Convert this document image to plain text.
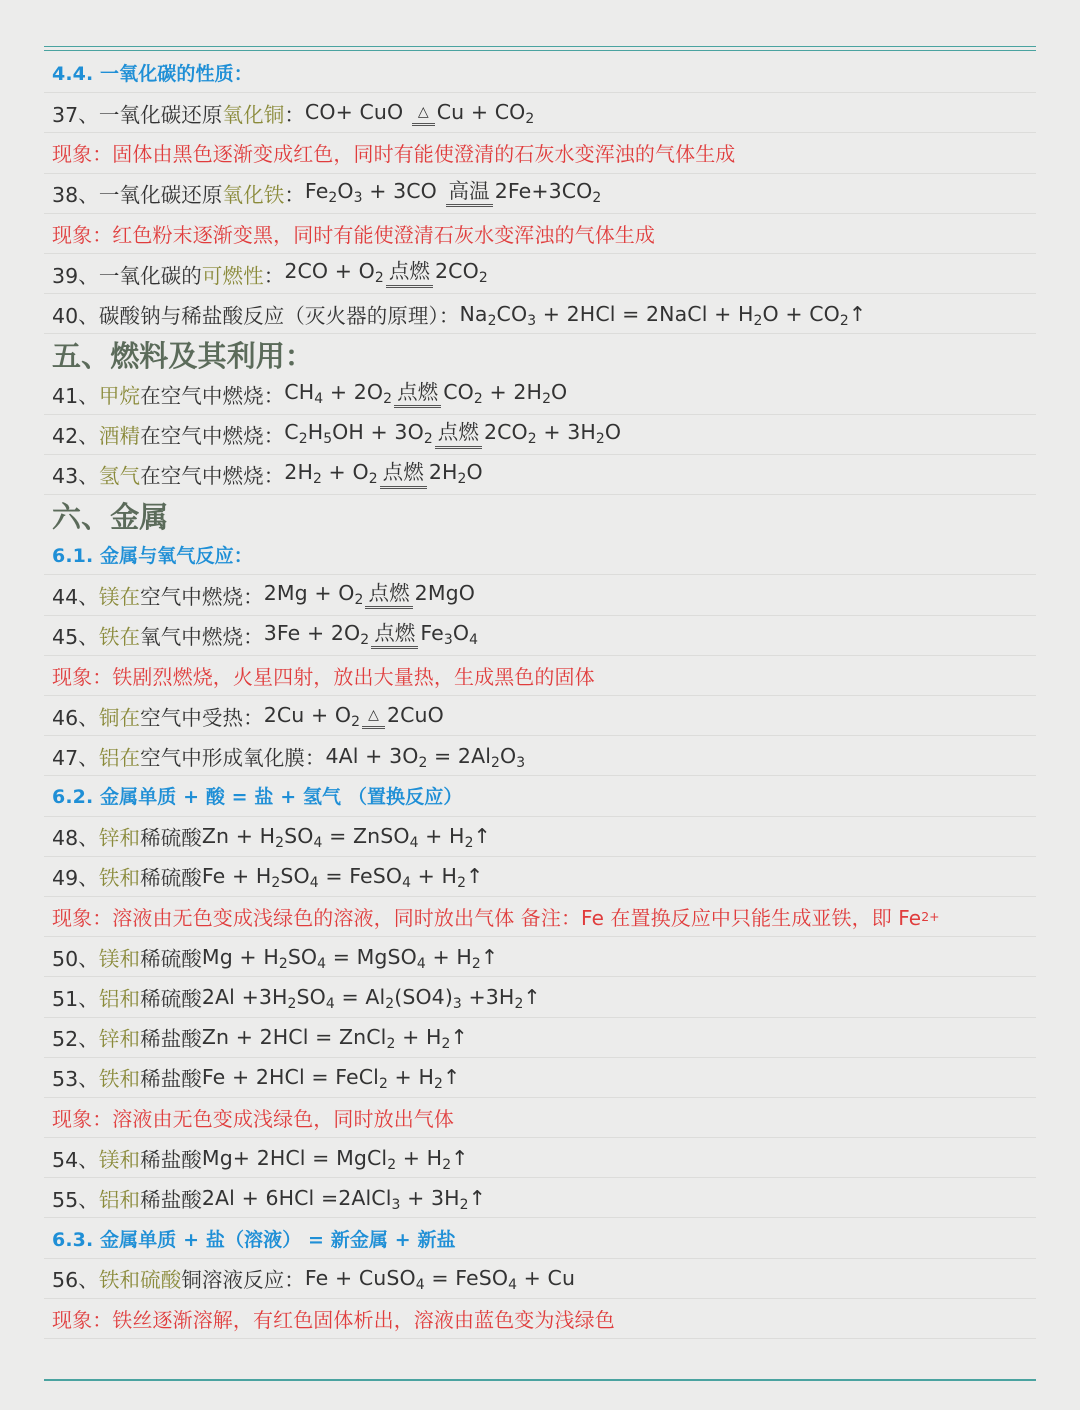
4.4. 一氧化碳的性质：
37、 一氧化碳还原 氧化铜 ： CO+ CuO △ $Cu + CO_2$
现象：固体由黑色逐渐变成红色，同时有能使澄清的石灰水变浑浊的气体生成
38、 一氧化碳还原 氧化铁 ： $Fe_2O_3 + 3CO$ 高温 $2Fe+3CO_2$
现象：红色粉末逐渐变黑，同时有能使澄清石灰水变浑浊的气体生成
39、 一氧化碳的 可燃性 ： $2CO + O_2$ 点燃 $2CO_2$
40、 碳酸钠与稀盐酸反应（灭火器的原理）： $Na_2CO_3 + 2HCl$ = 2NaCl + $H_2O$ + $CO_2↑$
五、燃料及其利用：
41、 甲烷 在空气中燃烧： $CH_4 + 2O_2$ 点燃 $CO_2 + 2H_2O$
42、 酒精 在空气中燃烧： $C_2H_5OH + 3O_2$ 点燃 $2CO_2 + 3H_2O$
43、 氢气 在空气中燃烧： $2H_2 + O_2$ 点燃 $2H_2O$
六、金属
6.1. 金属与氧气反应：
44、 镁在 空气中燃烧： $2Mg + O_2$ 点燃 2MgO
45、 铁在 氧气中燃烧： $3Fe + 2O_2$ 点燃 $Fe_3O_4$
现象：铁剧烈燃烧，火星四射，放出大量热，生成黑色的固体
46、 铜在 空气中受热： $2Cu + O_2$ △ 2CuO
47、 铝在 空气中形成氧化膜： $4Al + 3O_2 = 2Al_2O_3$
6.2. 金属单质 + 酸 = 盐 + 氢气 （置换反应）
48、 锌和 稀硫酸 $Zn + H_2SO_4$ = ZnSO$_4$ + $H_2↑$
49、 铁和 稀硫酸 $Fe + H_2SO_4$ = FeSO$_4$ + $H_2↑$
现象：溶液由无色变成浅绿色的溶液，同时放出气体 备注：Fe 在置换反应中只能生成亚铁，即 Fe 2+
50、 镁和 稀硫酸 $Mg + H_2SO_4$ = MgSO$_4$ + $H_2↑$
51、 铝和 稀硫酸 $2Al +3H_2SO_4 = Al_2(SO4)_3$ $+3H_2↑$
52、 锌和 稀盐酸 Zn + 2HCl = ZnCl$_2$ + $H_2↑$
53、 铁和 稀盐酸 Fe + 2HCl = FeCl$_2$ + $H_2↑$
现象：溶液由无色变成浅绿色，同时放出气体
54、 镁和 稀盐酸 Mg+ 2HCl = MgCl$_2$ + $H_2↑$
55、 铝和 稀盐酸 2Al + 6HCl =2AlCl$_3$ + $3H_2↑$
6.3. 金属单质 + 盐（溶液） = 新金属 + 新盐
56、 铁和硫酸 铜溶液反应： Fe + CuSO$_4$ = FeSO$_4$ + Cu
现象：铁丝逐渐溶解，有红色固体析出，溶液由蓝色变为浅绿色
